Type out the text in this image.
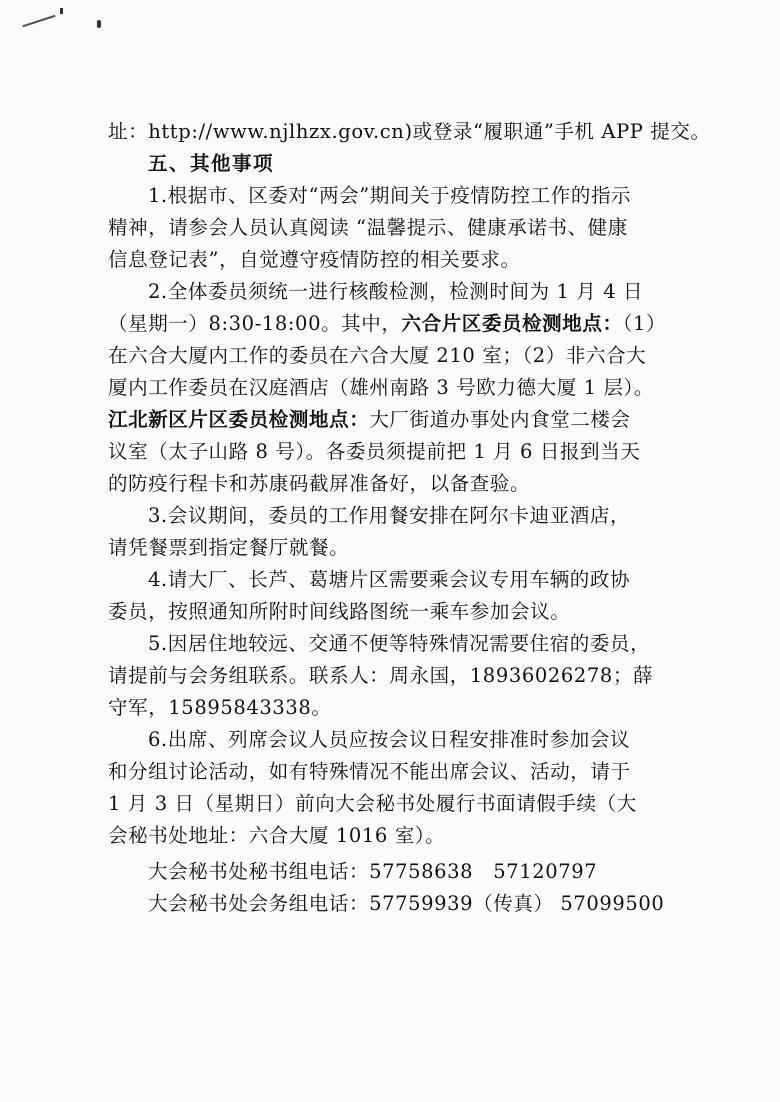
址：http://www.njlhzx.gov.cn)或登录“履职通”手机 APP 提交。
五、其他事项
1.根据市、区委对“两会”期间关于疫情防控工作的指示
精神，请参会人员认真阅读 “温馨提示、健康承诺书、健康
信息登记表”，自觉遵守疫情防控的相关要求。
2.全体委员须统一进行核酸检测，检测时间为 1 月 4 日
（星期一）8:30-18:00。其中，六合片区委员检测地点：（1）
在六合大厦内工作的委员在六合大厦 210 室；（2）非六合大
厦内工作委员在汉庭酒店（雄州南路 3 号欧力德大厦 1 层）。
江北新区片区委员检测地点：大厂街道办事处内食堂二楼会
议室（太子山路 8 号）。各委员须提前把 1 月 6 日报到当天
的防疫行程卡和苏康码截屏准备好，以备查验。
3.会议期间，委员的工作用餐安排在阿尔卡迪亚酒店，
请凭餐票到指定餐厅就餐。
4.请大厂、长芦、葛塘片区需要乘会议专用车辆的政协
委员，按照通知所附时间线路图统一乘车参加会议。
5.因居住地较远、交通不便等特殊情况需要住宿的委员，
请提前与会务组联系。联系人：周永国，18936026278；薛
守军，15895843338。
6.出席、列席会议人员应按会议日程安排准时参加会议
和分组讨论活动，如有特殊情况不能出席会议、活动，请于
1 月 3 日（星期日）前向大会秘书处履行书面请假手续（大
会秘书处地址：六合大厦 1016 室）。
大会秘书处秘书组电话：57758638　57120797
大会秘书处会务组电话：57759939（传真） 57099500
